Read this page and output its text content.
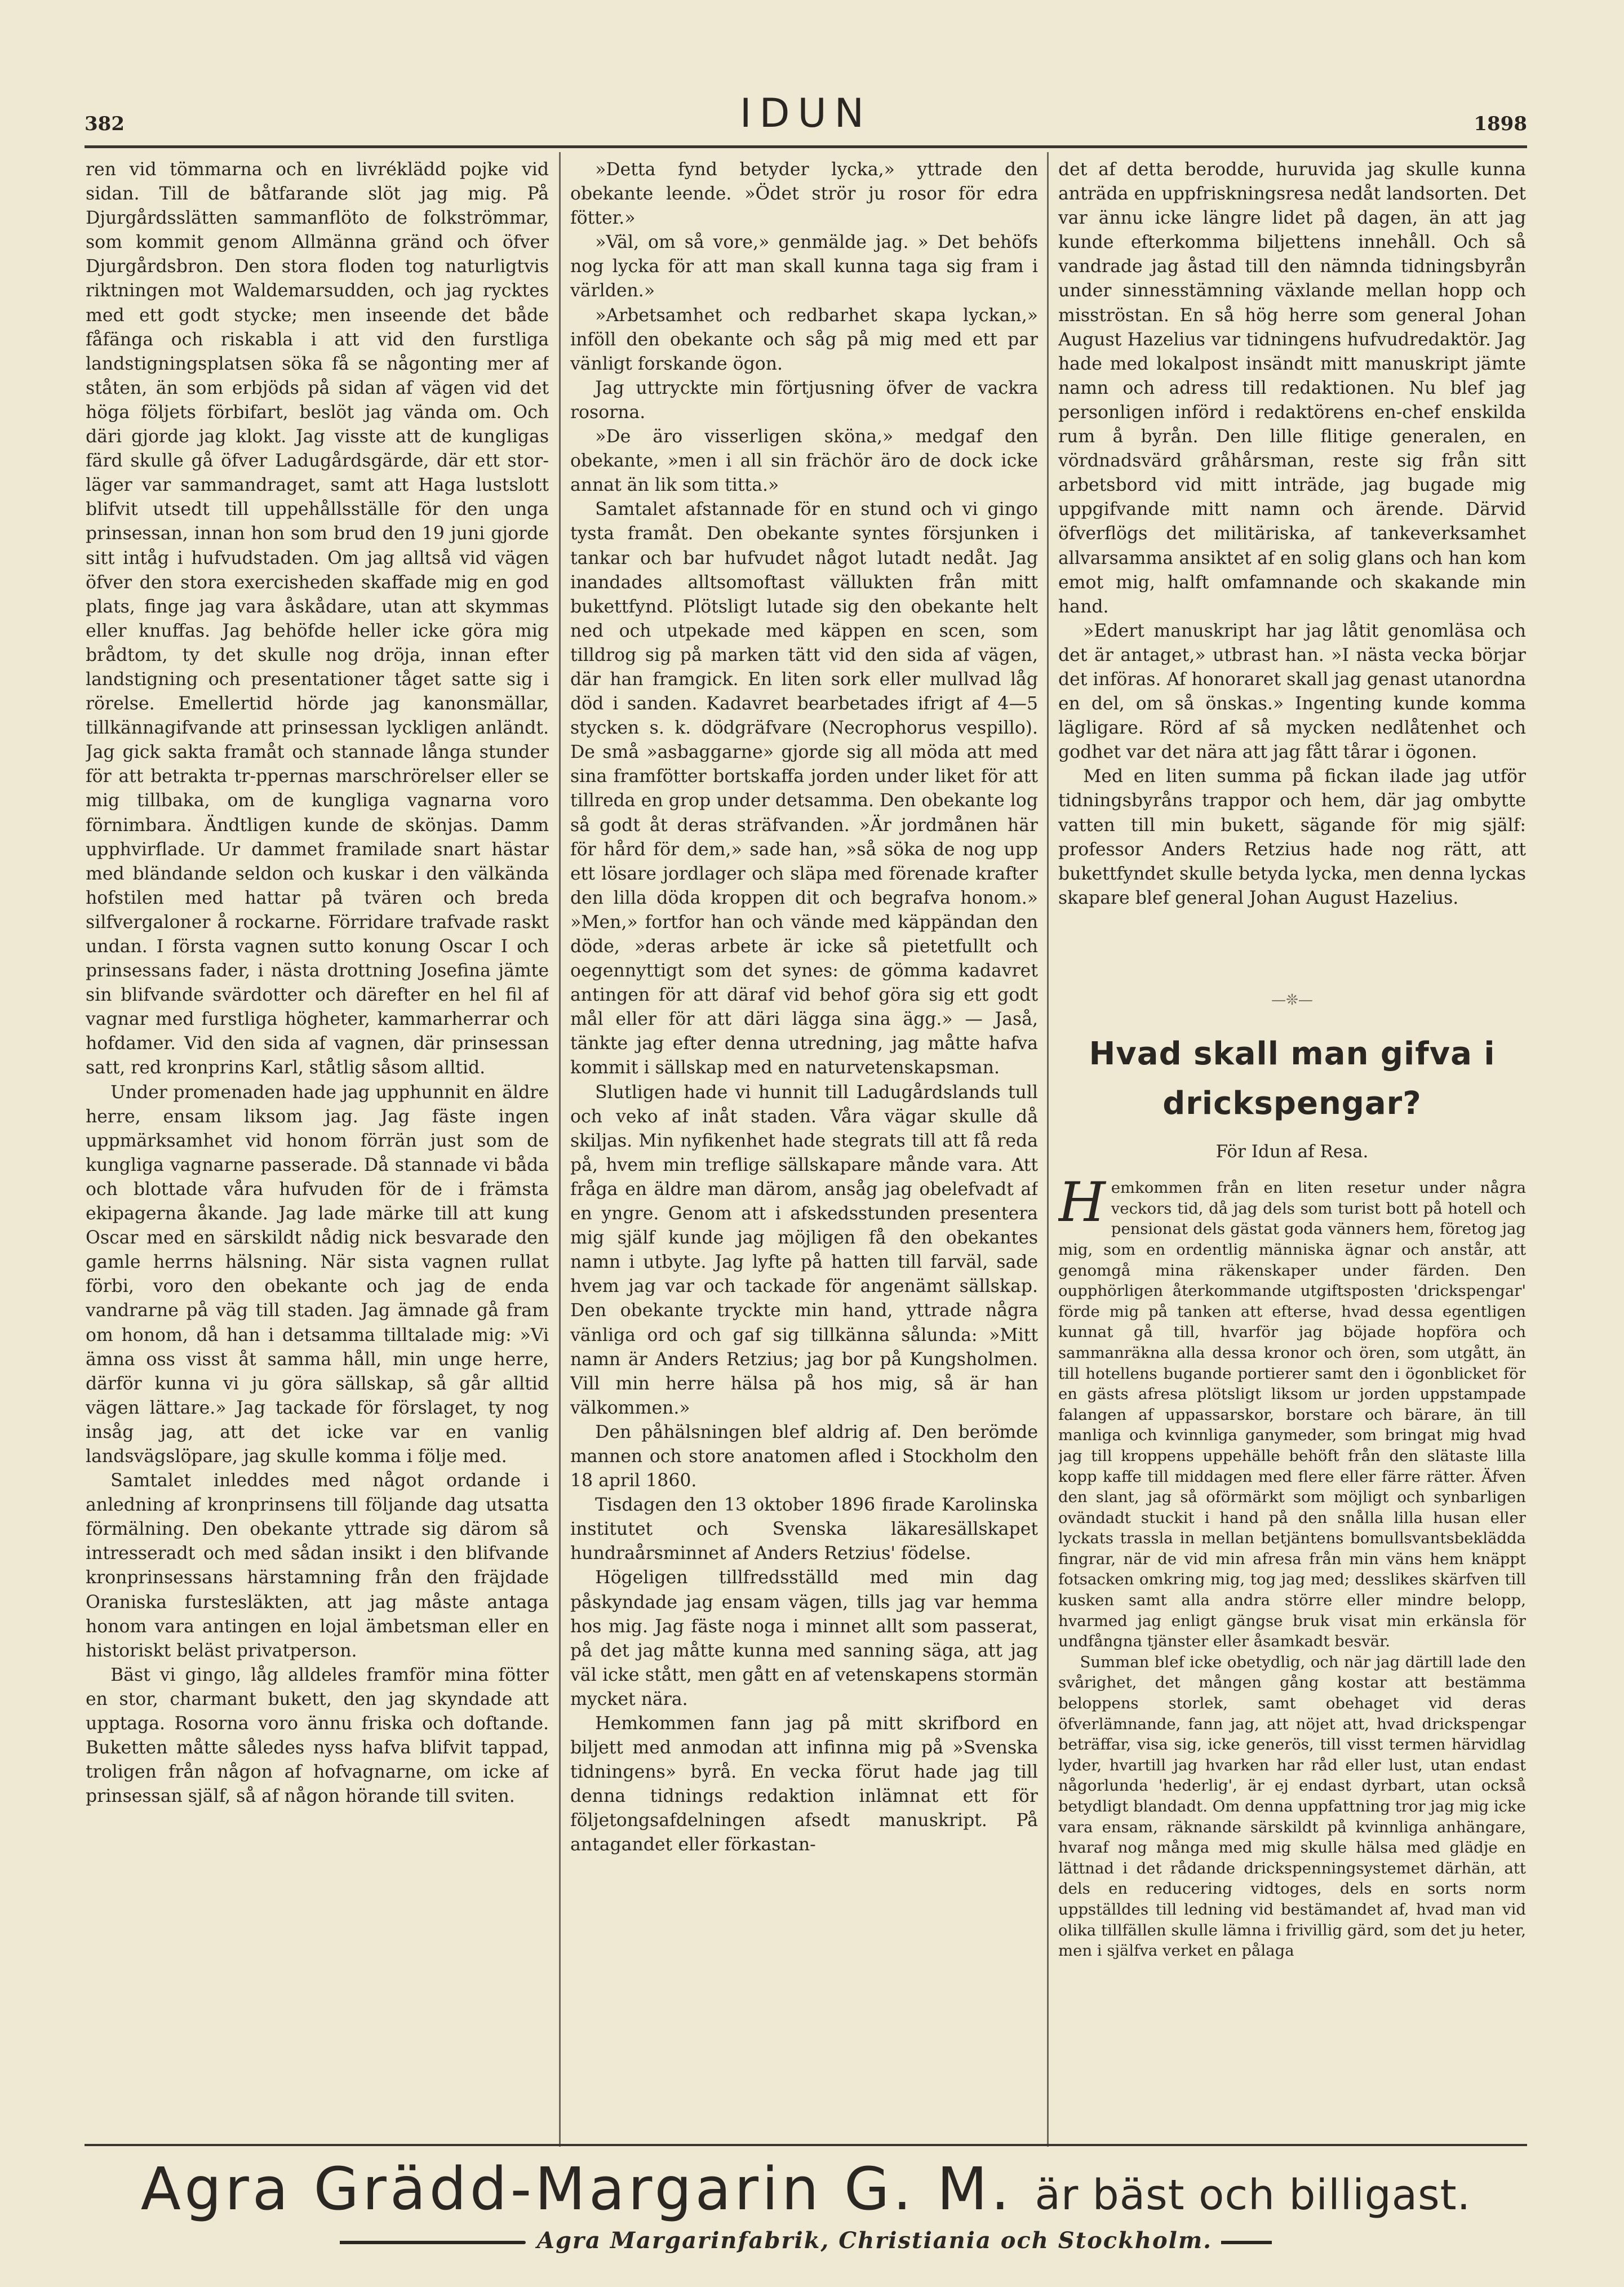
382	IDUN	1898

ren vid tömmarna och en livréklädd pojke vid sidan. Till de båtfarande slöt jag mig. På Djurgårdsslätten sammanflöto de folkströmmar, som kommit genom Allmänna gränd och öfver Djurgårdsbron. Den stora floden tog naturligtvis riktningen mot Waldemarsudden, och jag rycktes med ett godt stycke; men inseende det både fåfänga och riskabla i att vid den furstliga landstigningsplatsen söka få se någonting mer af ståten, än som erbjöds på sidan af vägen vid det höga följets förbifart, beslöt jag vända om. Och däri gjorde jag klokt. Jag visste att de kungligas färd skulle gå öfver Ladugårdsgärde, där ett stor-läger var sammandraget, samt att Haga lustslott blifvit utsedt till uppehållsställe för den unga prinsessan, innan hon som brud den 19 juni gjorde sitt intåg i hufvudstaden. Om jag alltså vid vägen öfver den stora exercisheden skaffade mig en god plats, finge jag vara åskådare, utan att skymmas eller knuffas. Jag behöfde heller icke göra mig brådtom, ty det skulle nog dröja, innan efter landstigning och presentationer tåget satte sig i rörelse. Emellertid hörde jag kanonsmällar, tillkännagifvande att prinsessan lyckligen anländt. Jag gick sakta framåt och stannade långa stunder för att betrakta tr-ppernas marschrörelser eller se mig tillbaka, om de kungliga vagnarna voro förnimbara. Ändtligen kunde de skönjas. Damm upphvirflade. Ur dammet framilade snart hästar med bländande seldon och kuskar i den välkända hofstilen med hattar på tvären och breda silfvergaloner å rockarne. Förridare trafvade raskt undan. I första vagnen sutto konung Oscar I och prinsessans fader, i nästa drottning Josefina jämte sin blifvande svärdotter och därefter en hel fil af vagnar med furstliga högheter, kammarherrar och hofdamer. Vid den sida af vagnen, där prinsessan satt, red kronprins Karl, ståtlig såsom alltid.

Under promenaden hade jag upphunnit en äldre herre, ensam liksom jag. Jag fäste ingen uppmärksamhet vid honom förrän just som de kungliga vagnarne passerade. Då stannade vi båda och blottade våra hufvuden för de i främsta ekipagerna åkande. Jag lade märke till att kung Oscar med en särskildt nådig nick besvarade den gamle herrns hälsning. När sista vagnen rullat förbi, voro den obekante och jag de enda vandrarne på väg till staden. Jag ämnade gå fram om honom, då han i detsamma tilltalade mig: »Vi ämna oss visst åt samma håll, min unge herre, därför kunna vi ju göra sällskap, så går alltid vägen lättare.» Jag tackade för förslaget, ty nog insåg jag, att det icke var en vanlig landsvägslöpare, jag skulle komma i följe med.

Samtalet inleddes med något ordande i anledning af kronprinsens till följande dag utsatta förmälning. Den obekante yttrade sig därom så intresseradt och med sådan insikt i den blifvande kronprinsessans härstamning från den fräjdade Oraniska furstesläkten, att jag måste antaga honom vara antingen en lojal ämbetsman eller en historiskt beläst privatperson.

Bäst vi gingo, låg alldeles framför mina fötter en stor, charmant bukett, den jag skyndade att upptaga. Rosorna voro ännu friska och doftande. Buketten måtte således nyss hafva blifvit tappad, troligen från någon af hofvagnarne, om icke af prinsessan själf, så af någon hörande till sviten.

»Detta fynd betyder lycka,» yttrade den obekante leende. »Ödet strör ju rosor för edra fötter.»

»Väl, om så vore,» genmälde jag. » Det behöfs nog lycka för att man skall kunna taga sig fram i världen.»

»Arbetsamhet och redbarhet skapa lyckan,» inföll den obekante och såg på mig med ett par vänligt forskande ögon.

Jag uttryckte min förtjusning öfver de vackra rosorna.

»De äro visserligen sköna,» medgaf den obekante, »men i all sin frächör äro de dock icke annat än lik som titta.»

Samtalet afstannade för en stund och vi gingo tysta framåt. Den obekante syntes försjunken i tankar och bar hufvudet något lutadt nedåt. Jag inandades alltsomoftast vällukten från mitt bukettfynd. Plötsligt lutade sig den obekante helt ned och utpekade med käppen en scen, som tilldrog sig på marken tätt vid den sida af vägen, där han framgick. En liten sork eller mullvad låg död i sanden. Kadavret bearbetades ifrigt af 4—5 stycken s. k. dödgräfvare (Necrophorus vespillo). De små »asbaggarne» gjorde sig all möda att med sina framfötter bortskaffa jorden under liket för att tillreda en grop under detsamma. Den obekante log så godt åt deras sträfvanden. »Är jordmånen här för hård för dem,» sade han, »så söka de nog upp ett lösare jordlager och släpa med förenade krafter den lilla döda kroppen dit och begrafva honom.» »Men,» fortfor han och vände med käppändan den döde, »deras arbete är icke så pietetfullt och oegennyttigt som det synes: de gömma kadavret antingen för att däraf vid behof göra sig ett godt mål eller för att däri lägga sina ägg.» — Jaså, tänkte jag efter denna utredning, jag måtte hafva kommit i sällskap med en naturvetenskapsman.

Slutligen hade vi hunnit till Ladugårdslands tull och veko af inåt staden. Våra vägar skulle då skiljas. Min nyfikenhet hade stegrats till att få reda på, hvem min treflige sällskapare månde vara. Att fråga en äldre man därom, ansåg jag obelefvadt af en yngre. Genom att i afskedsstunden presentera mig själf kunde jag möjligen få den obekantes namn i utbyte. Jag lyfte på hatten till farväl, sade hvem jag var och tackade för angenämt sällskap. Den obekante tryckte min hand, yttrade några vänliga ord och gaf sig tillkänna sålunda: »Mitt namn är Anders Retzius; jag bor på Kungsholmen. Vill min herre hälsa på hos mig, så är han välkommen.»

Den påhälsningen blef aldrig af. Den berömde mannen och store anatomen afled i Stockholm den 18 april 1860.

Tisdagen den 13 oktober 1896 firade Karolinska institutet och Svenska läkaresällskapet hundraårsminnet af Anders Retzius' födelse.

Högeligen tillfredsställd med min dag påskyndade jag ensam vägen, tills jag var hemma hos mig. Jag fäste noga i minnet allt som passerat, på det jag måtte kunna med sanning säga, att jag väl icke stått, men gått en af vetenskapens stormän mycket nära.

Hemkommen fann jag på mitt skrifbord en biljett med anmodan att infinna mig på »Svenska tidningens» byrå. En vecka förut hade jag till denna tidnings redaktion inlämnat ett för följetongsafdelningen afsedt manuskript. På antagandet eller förkastan-

det af detta berodde, huruvida jag skulle kunna anträda en uppfriskningsresa nedåt landsorten. Det var ännu icke längre lidet på dagen, än att jag kunde efterkomma biljettens innehåll. Och så vandrade jag åstad till den nämnda tidningsbyrån under sinnesstämning växlande mellan hopp och misströstan. En så hög herre som general Johan August Hazelius var tidningens hufvudredaktör. Jag hade med lokalpost insändt mitt manuskript jämte namn och adress till redaktionen. Nu blef jag personligen införd i redaktörens en-chef enskilda rum å byrån. Den lille flitige generalen, en vördnadsvärd gråhårsman, reste sig från sitt arbetsbord vid mitt inträde, jag bugade mig uppgifvande mitt namn och ärende. Därvid öfverflögs det militäriska, af tankeverksamhet allvarsamma ansiktet af en solig glans och han kom emot mig, halft omfamnande och skakande min hand.

»Edert manuskript har jag låtit genomläsa och det är antaget,» utbrast han. »I nästa vecka börjar det införas. Af honoraret skall jag genast utanordna en del, om så önskas.» Ingenting kunde komma lägligare. Rörd af så mycken nedlåtenhet och godhet var det nära att jag fått tårar i ögonen.

Med en liten summa på fickan ilade jag utför tidningsbyråns trappor och hem, där jag ombytte vatten till min bukett, sägande för mig själf: professor Anders Retzius hade nog rätt, att bukettfyndet skulle betyda lycka, men denna lyckas skapare blef general Johan August Hazelius.

—❊—
Hvad skall man gifva i
drickspengar?
För Idun af Resa.

Hemkommen från en liten resetur under några veckors tid, då jag dels som turist bott på hotell och pensionat dels gästat goda vänners hem, företog jag mig, som en ordentlig människa ägnar och anstår, att genomgå mina räkenskaper under färden. Den oupphörligen återkommande utgiftsposten 'drickspengar' förde mig på tanken att efterse, hvad dessa egentligen kunnat gå till, hvarför jag böjade hopföra och sammanräkna alla dessa kronor och ören, som utgått, än till hotellens bugande portierer samt den i ögonblicket för en gästs afresa plötsligt liksom ur jorden uppstampade falangen af uppassarskor, borstare och bärare, än till manliga och kvinnliga ganymeder, som bringat mig hvad jag till kroppens uppehälle behöft från den slätaste lilla kopp kaffe till middagen med flere eller färre rätter. Äfven den slant, jag så oförmärkt som möjligt och synbarligen ovändadt stuckit i hand på den snålla lilla husan eller lyckats trassla in mellan betjäntens bomullsvantsbeklädda fingrar, när de vid min afresa från min väns hem knäppt fotsacken omkring mig, tog jag med; desslikes skärfven till kusken samt alla andra större eller mindre belopp, hvarmed jag enligt gängse bruk visat min erkänsla för undfångna tjänster eller åsamkadt besvär.

Summan blef icke obetydlig, och när jag därtill lade den svårighet, det mången gång kostar att bestämma beloppens storlek, samt obehaget vid deras öfverlämnande, fann jag, att nöjet att, hvad drickspengar beträffar, visa sig, icke generös, till visst termen härvidlag lyder, hvartill jag hvarken har råd eller lust, utan endast någorlunda 'hederlig', är ej endast dyrbart, utan också betydligt blandadt. Om denna uppfattning tror jag mig icke vara ensam, räknande särskildt på kvinnliga anhängare, hvaraf nog många med mig skulle hälsa med glädje en lättnad i det rådande drickspenningsystemet därhän, att dels en reducering vidtoges, dels en sorts norm uppställdes till ledning vid bestämandet af, hvad man vid olika tillfällen skulle lämna i frivillig gärd, som det ju heter, men i själfva verket en pålaga

Agra Grädd-Margarin G. M. är bäst och billigast.
Agra Margarinfabrik, Christiania och Stockholm.
